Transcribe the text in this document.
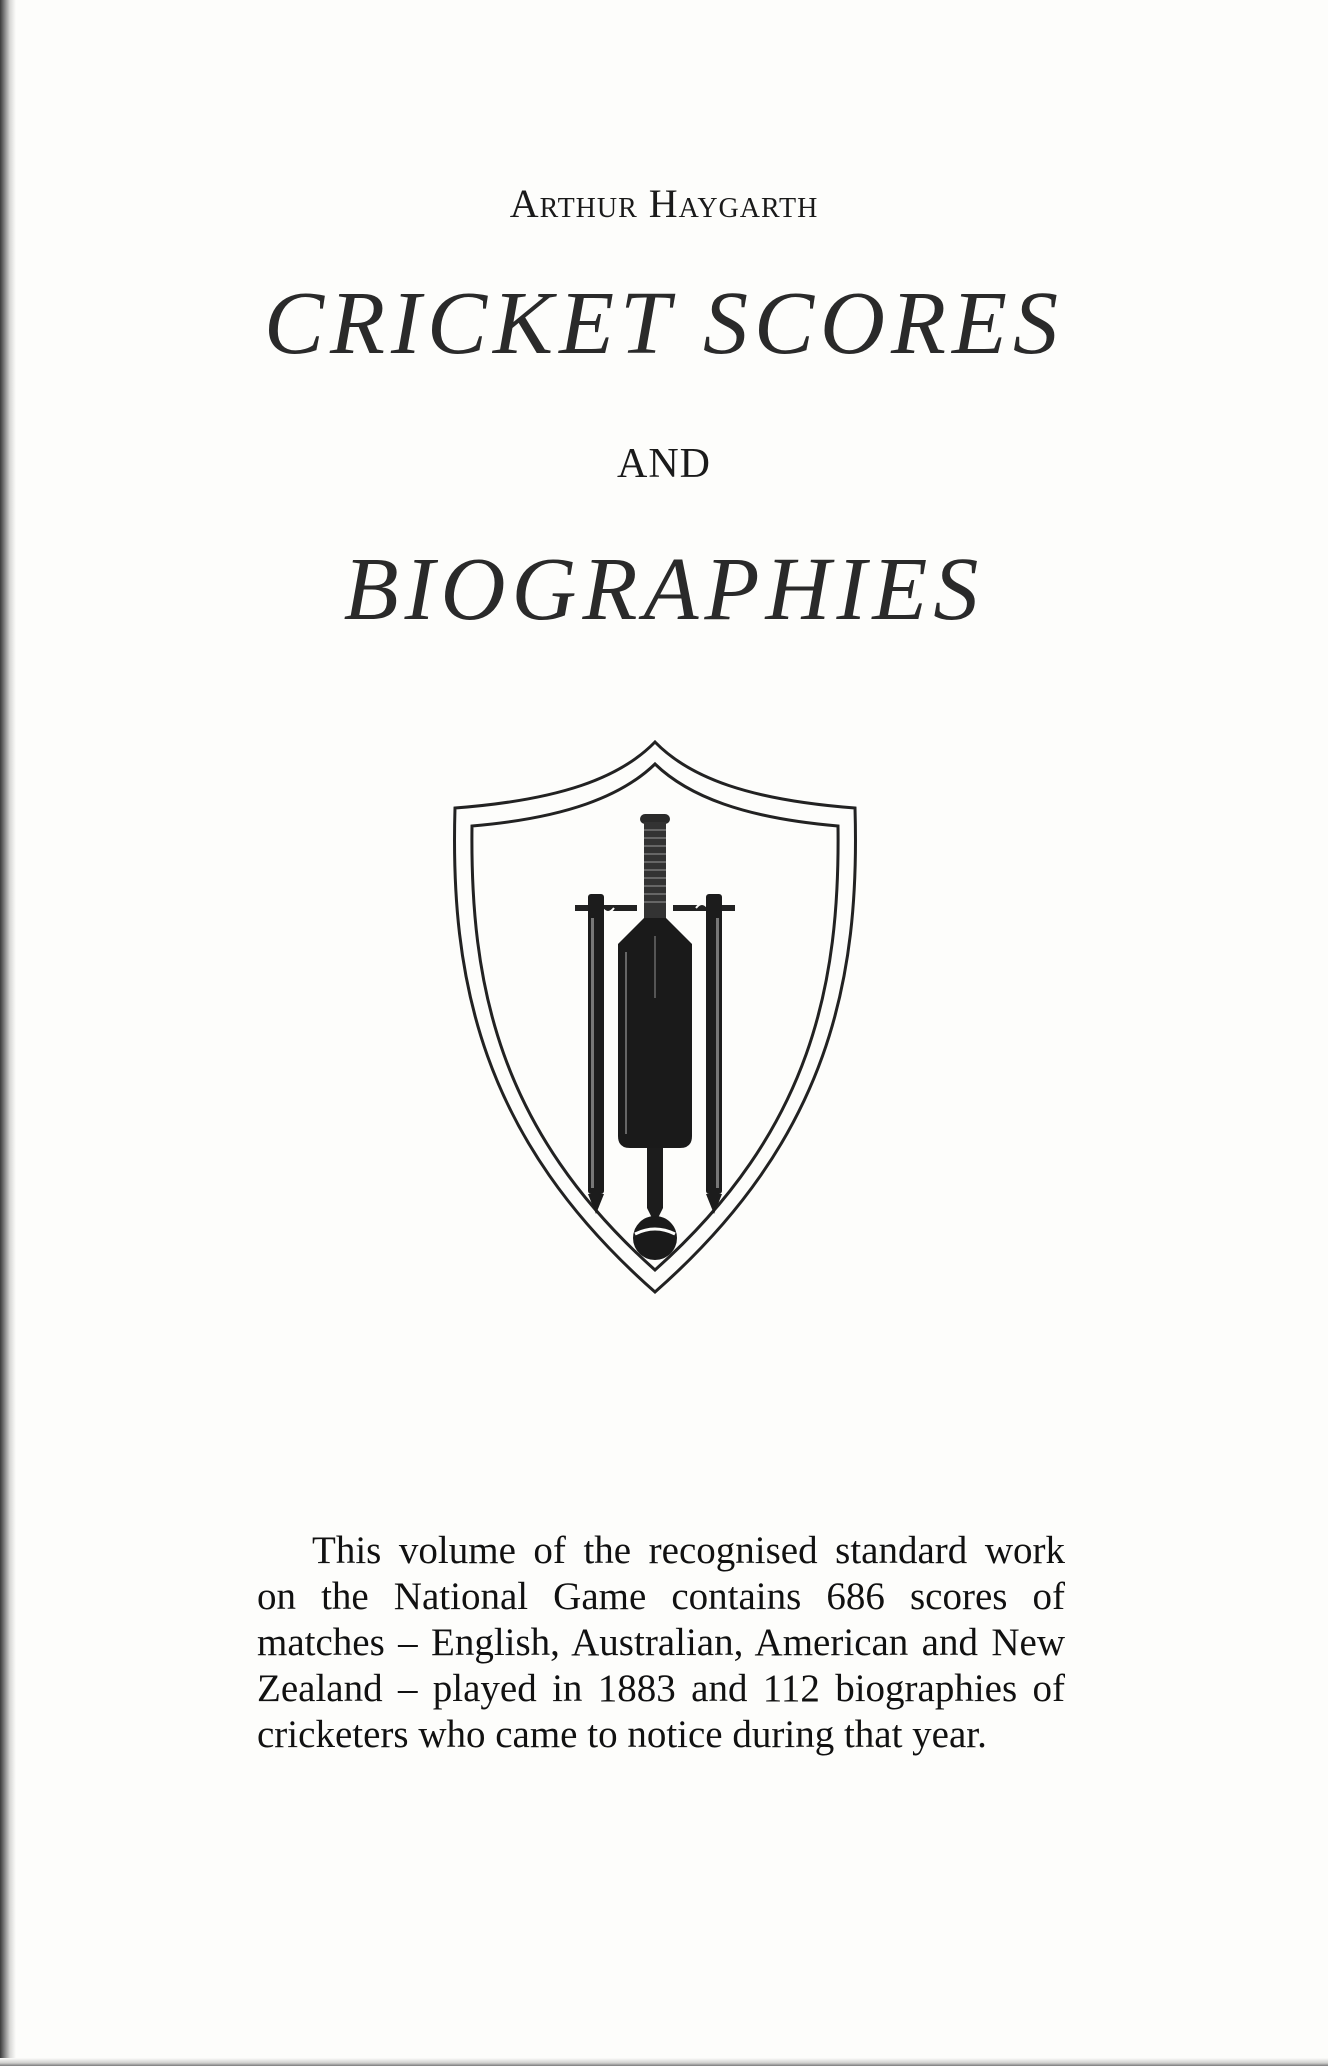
Arthur Haygarth
CRICKET SCORES
AND
BIOGRAPHIES

This volume of the recognised standard work on the National Game contains 686 scores of matches – English, Australian, American and New Zealand – played in 1883 and 112 biographies of cricketers who came to notice during that year.
